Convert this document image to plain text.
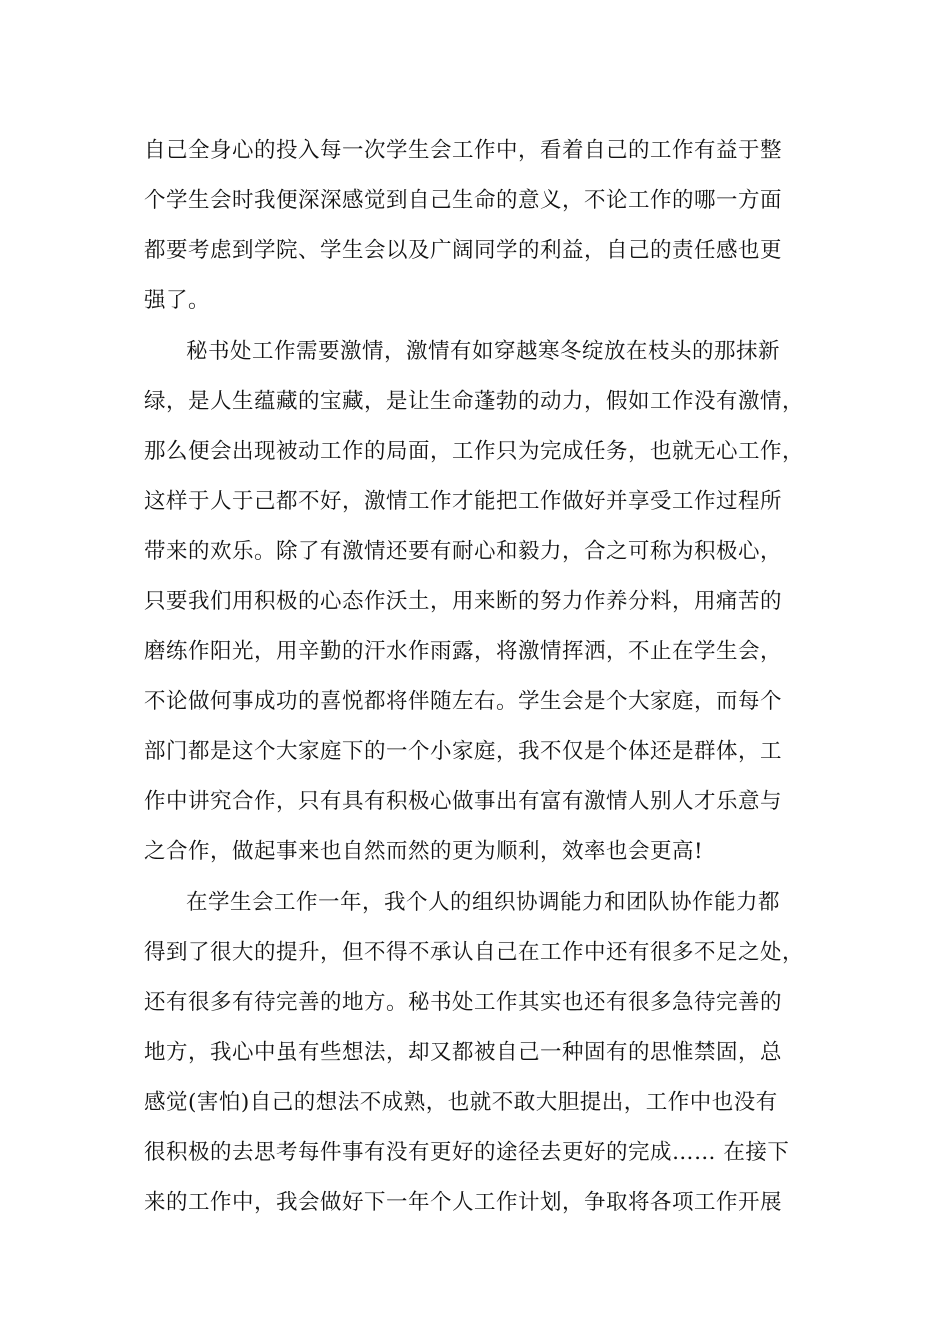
自己全身心的投入每一次学生会工作中，看着自己的工作有益于整
个学生会时我便深深感觉到自己生命的意义，不论工作的哪一方面
都要考虑到学院、学生会以及广阔同学的利益，自己的责任感也更
强了。
秘书处工作需要激情，激情有如穿越寒冬绽放在枝头的那抹新
绿，是人生蕴藏的宝藏，是让生命蓬勃的动力，假如工作没有激情，
那么便会出现被动工作的局面，工作只为完成任务，也就无心工作，
这样于人于己都不好，激情工作才能把工作做好并享受工作过程所
带来的欢乐。除了有激情还要有耐心和毅力，合之可称为积极心，
只要我们用积极的心态作沃土，用来断的努力作养分料，用痛苦的
磨练作阳光，用辛勤的汗水作雨露，将激情挥洒，不止在学生会，
不论做何事成功的喜悦都将伴随左右。学生会是个大家庭，而每个
部门都是这个大家庭下的一个小家庭，我不仅是个体还是群体，工
作中讲究合作，只有具有积极心做事出有富有激情人别人才乐意与
之合作，做起事来也自然而然的更为顺利，效率也会更高!
在学生会工作一年，我个人的组织协调能力和团队协作能力都
得到了很大的提升，但不得不承认自己在工作中还有很多不足之处，
还有很多有待完善的地方。秘书处工作其实也还有很多急待完善的
地方，我心中虽有些想法，却又都被自己一种固有的思惟禁固，总
感觉(害怕)自己的想法不成熟，也就不敢大胆提出，工作中也没有
很积极的去思考每件事有没有更好的途径去更好的完成…… 在接下
来的工作中，我会做好下一年个人工作计划，争取将各项工作开展
